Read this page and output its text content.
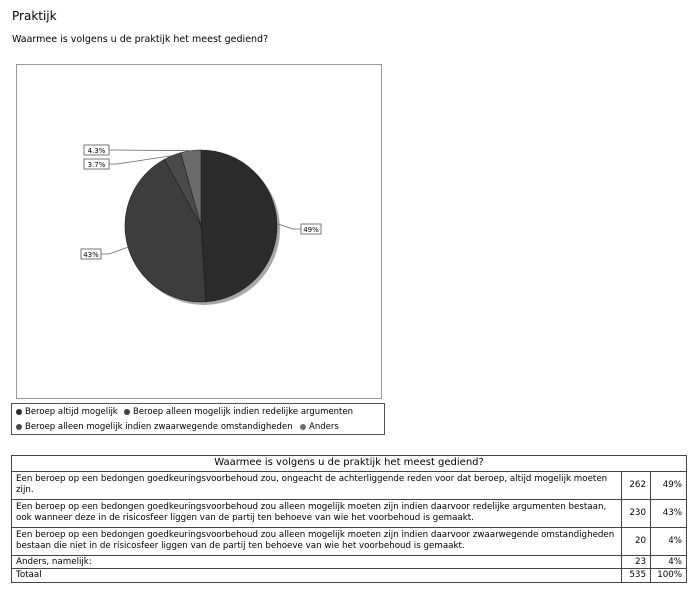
Praktijk
Waarmee is volgens u de praktijk het meest gediend?
49%
43%
3.7%
4.3%
Beroep altijd mogelijk Beroep alleen mogelijk indien redelijke argumenten
Beroep alleen mogelijk indien zwaarwegende omstandigheden Anders
Waarmee is volgens u de praktijk het meest gediend?		
Een beroep op een bedongen goedkeuringsvoorbehoud zou, ongeacht de achterliggende reden voor dat beroep, altijd mogelijk moeten zijn.	262	49%
Een beroep op een bedongen goedkeuringsvoorbehoud zou alleen mogelijk moeten zijn indien daarvoor redelijke argumenten bestaan, ook wanneer deze in de risicosfeer liggen van de partij ten behoeve van wie het voorbehoud is gemaakt.	230	43%
Een beroep op een bedongen goedkeuringsvoorbehoud zou alleen mogelijk moeten zijn indien daarvoor zwaarwegende omstandigheden bestaan die niet in de risicosfeer liggen van de partij ten behoeve van wie het voorbehoud is gemaakt.	20	4%
Anders, namelijk:	23	4%
Totaal	535	100%
